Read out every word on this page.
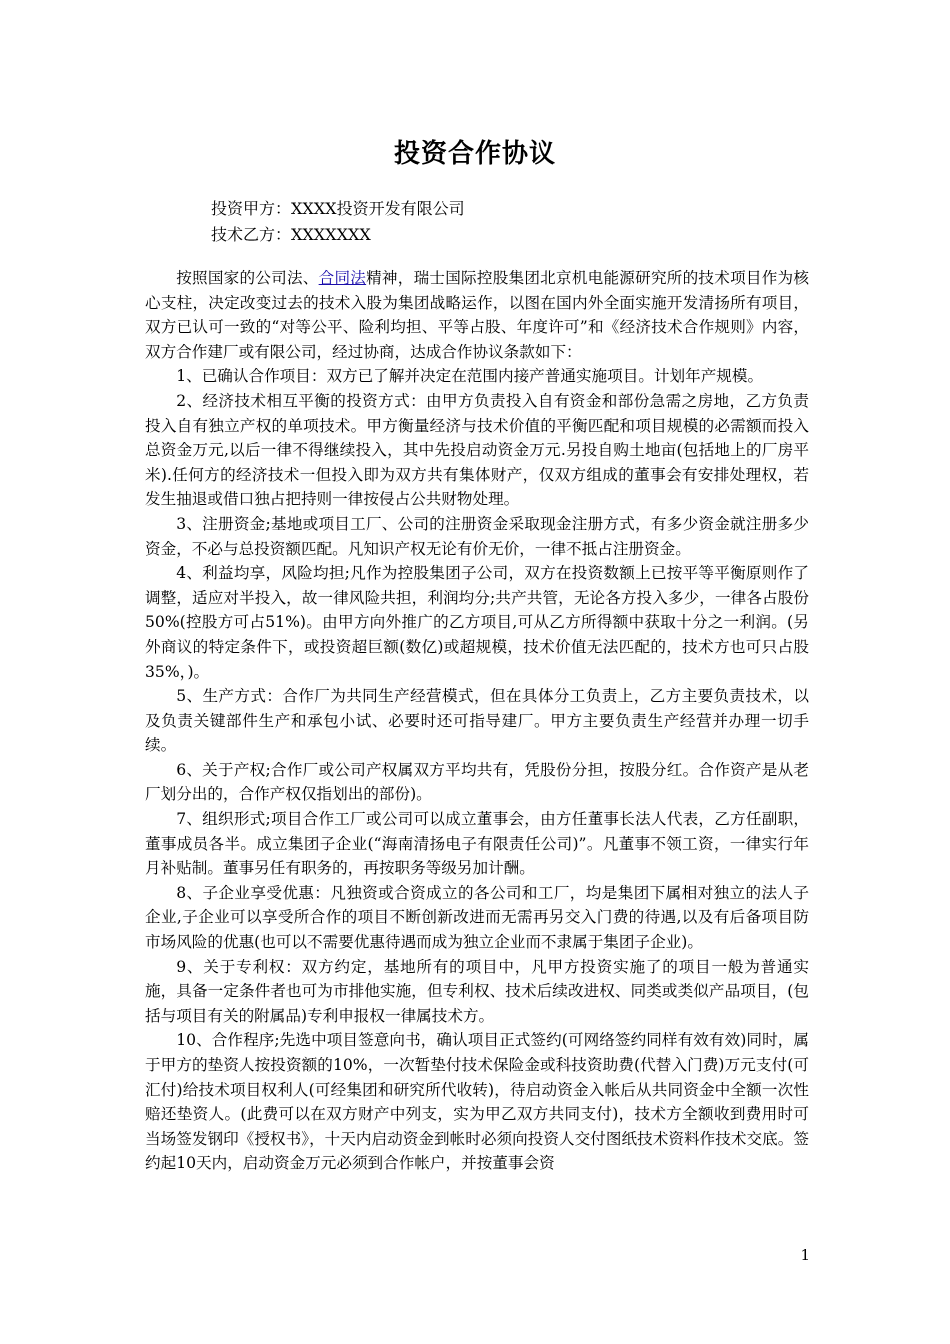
投资合作协议
投资甲方：XXXX投资开发有限公司
技术乙方：XXXXXXX

按照国家的公司法、合同法精神，瑞士国际控股集团北京机电能源研究所的技术项目作为核心支柱，决定改变过去的技术入股为集团战略运作，以图在国内外全面实施开发清扬所有项目，双方已认可一致的“对等公平、险利均担、平等占股、年度许可”和《经济技术合作规则》内容，双方合作建厂或有限公司，经过协商，达成合作协议条款如下：

1、已确认合作项目：双方已了解并决定在范围内接产普通实施项目。计划年产规模。

2、经济技术相互平衡的投资方式：由甲方负责投入自有资金和部份急需之房地，乙方负责投入自有独立产权的单项技术。甲方衡量经济与技术价值的平衡匹配和项目规模的必需额而投入总资金万元,以后一律不得继续投入，其中先投启动资金万元.另投自购土地亩(包括地上的厂房平米).任何方的经济技术一但投入即为双方共有集体财产，仅双方组成的董事会有安排处理权，若发生抽退或借口独占把持则一律按侵占公共财物处理。

3、注册资金;基地或项目工厂、公司的注册资金采取现金注册方式，有多少资金就注册多少资金，不必与总投资额匹配。凡知识产权无论有价无价，一律不抵占注册资金。

4、利益均享，风险均担;凡作为控股集团子公司，双方在投资数额上已按平等平衡原则作了调整，适应对半投入，故一律风险共担，利润均分;共产共管，无论各方投入多少，一律各占股份50%(控股方可占51%)。由甲方向外推广的乙方项目,可从乙方所得额中获取十分之一利润。(另外商议的特定条件下，或投资超巨额(数亿)或超规模，技术价值无法匹配的，技术方也可只占股35%，)。

5、生产方式：合作厂为共同生产经营模式，但在具体分工负责上，乙方主要负责技术，以及负责关键部件生产和承包小试、必要时还可指导建厂。甲方主要负责生产经营并办理一切手续。

6、关于产权;合作厂或公司产权属双方平均共有，凭股份分担，按股分红。合作资产是从老厂划分出的，合作产权仅指划出的部份)。

7、组织形式;项目合作工厂或公司可以成立董事会，由方任董事长法人代表，乙方任副职，董事成员各半。成立集团子企业(“海南清扬电子有限责任公司)”。凡董事不领工资，一律实行年月补贴制。董事另任有职务的，再按职务等级另加计酬。

8、子企业享受优惠：凡独资或合资成立的各公司和工厂，均是集团下属相对独立的法人子企业,子企业可以享受所合作的项目不断创新改进而无需再另交入门费的待遇,以及有后备项目防市场风险的优惠(也可以不需要优惠待遇而成为独立企业而不隶属于集团子企业)。

9、关于专利权：双方约定，基地所有的项目中，凡甲方投资实施了的项目一般为普通实施，具备一定条件者也可为市排他实施，但专利权、技术后续改进权、同类或类似产品项目，(包括与项目有关的附属品)专利申报权一律属技术方。

10、合作程序;先选中项目签意向书，确认项目正式签约(可网络签约同样有效有效)同时，属于甲方的垫资人按投资额的10%，一次暂垫付技术保险金或科技资助费(代替入门费)万元支付(可汇付)给技术项目权利人(可经集团和研究所代收转)，待启动资金入帐后从共同资金中全额一次性赔还垫资人。(此费可以在双方财产中列支，实为甲乙双方共同支付)，技术方全额收到费用时可当场签发钢印《授权书》，十天内启动资金到帐时必须向投资人交付图纸技术资料作技术交底。签约起10天内，启动资金万元必须到合作帐户，并按董事会资

1
